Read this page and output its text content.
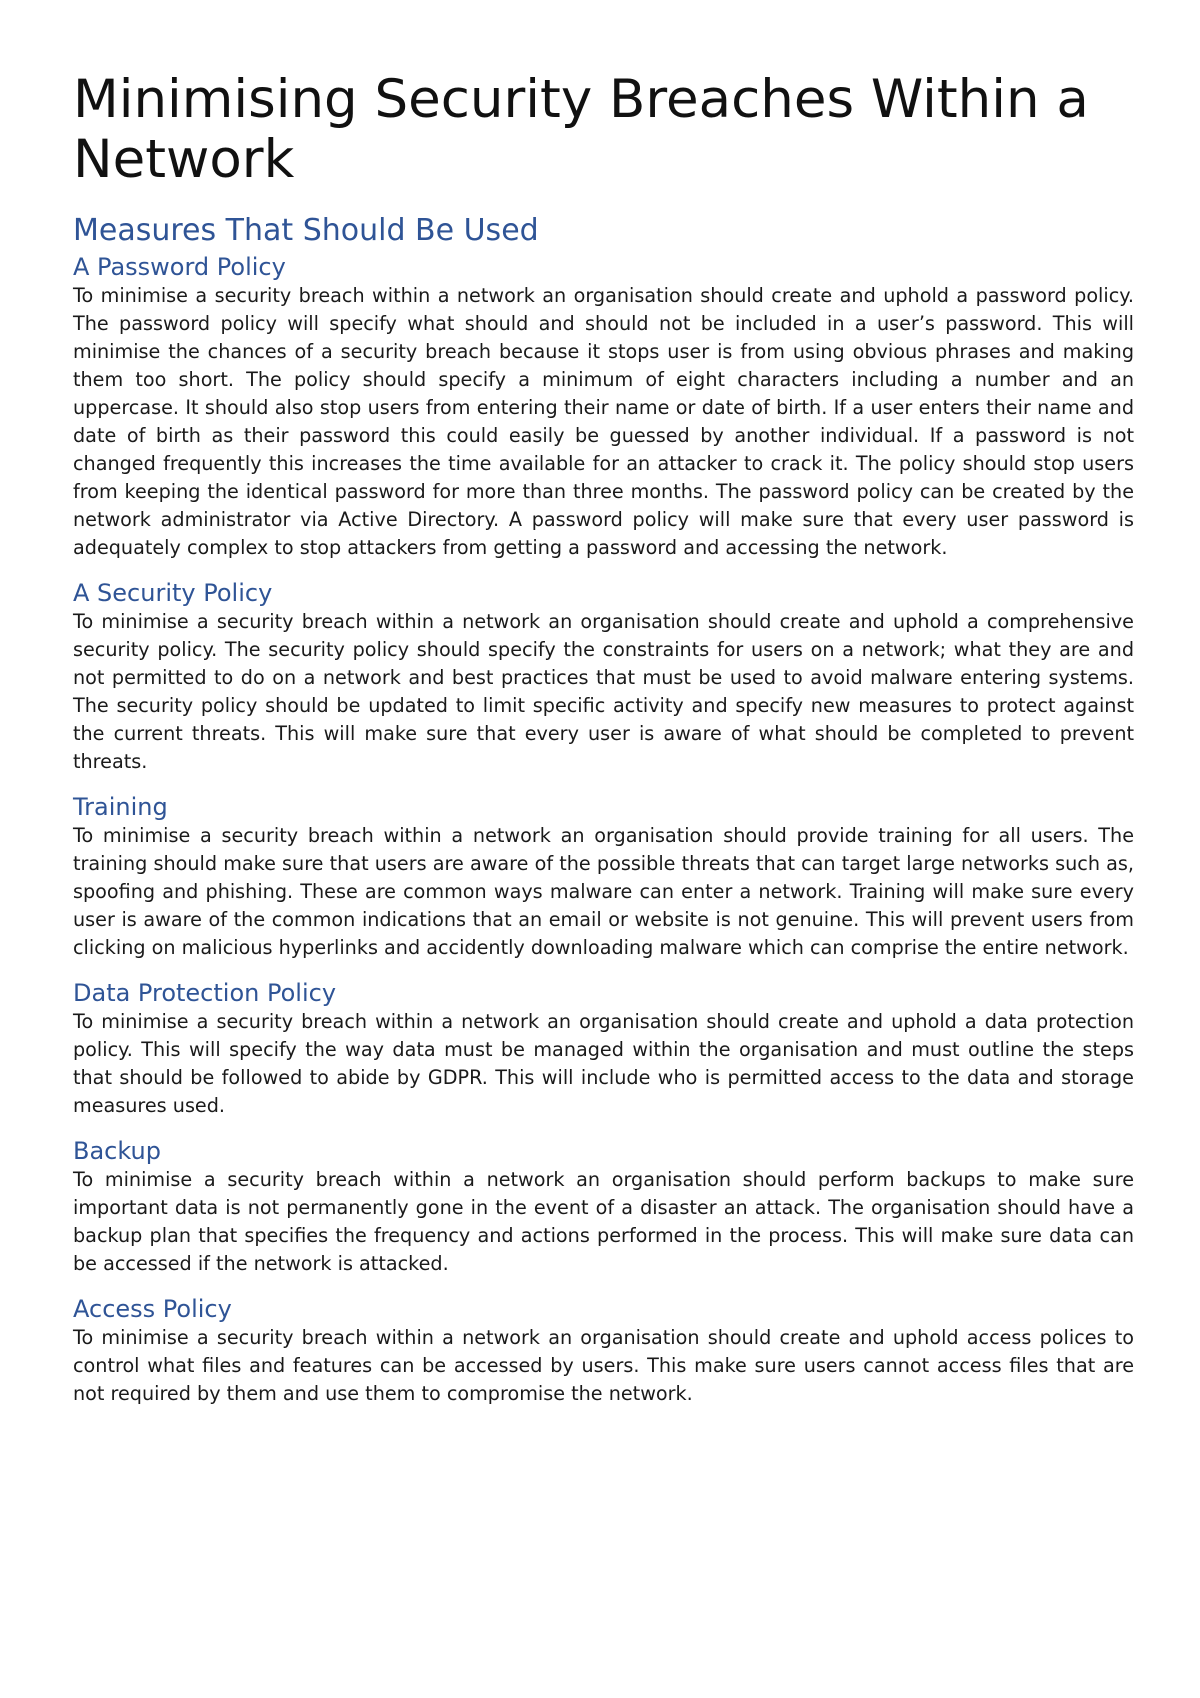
Minimising Security Breaches Within a Network
Measures That Should Be Used
A Password Policy

To minimise a security breach within a network an organisation should create and uphold a password policy. The password policy will specify what should and should not be included in a user’s password. This will minimise the chances of a security breach because it stops user is from using obvious phrases and making them too short. The policy should specify a minimum of eight characters including a number and an uppercase. It should also stop users from entering their name or date of birth. If a user enters their name and date of birth as their password this could easily be guessed by another individual. If a password is not changed frequently this increases the time available for an attacker to crack it. The policy should stop users from keeping the identical password for more than three months. The password policy can be created by the network administrator via Active Directory. A password policy will make sure that every user password is adequately complex to stop attackers from getting a password and accessing the network.

A Security Policy

To minimise a security breach within a network an organisation should create and uphold a comprehensive security policy. The security policy should specify the constraints for users on a network; what they are and not permitted to do on a network and best practices that must be used to avoid malware entering systems. The security policy should be updated to limit specific activity and specify new measures to protect against the current threats. This will make sure that every user is aware of what should be completed to prevent threats.

Training

To minimise a security breach within a network an organisation should provide training for all users. The training should make sure that users are aware of the possible threats that can target large networks such as, spoofing and phishing. These are common ways malware can enter a network. Training will make sure every user is aware of the common indications that an email or website is not genuine. This will prevent users from clicking on malicious hyperlinks and accidently downloading malware which can comprise the entire network.

Data Protection Policy

To minimise a security breach within a network an organisation should create and uphold a data protection policy. This will specify the way data must be managed within the organisation and must outline the steps that should be followed to abide by GDPR. This will include who is permitted access to the data and storage measures used.

Backup

To minimise a security breach within a network an organisation should perform backups to make sure important data is not permanently gone in the event of a disaster an attack. The organisation should have a backup plan that specifies the frequency and actions performed in the process. This will make sure data can be accessed if the network is attacked.

Access Policy

To minimise a security breach within a network an organisation should create and uphold access polices to control what files and features can be accessed by users. This make sure users cannot access files that are not required by them and use them to compromise the network.
